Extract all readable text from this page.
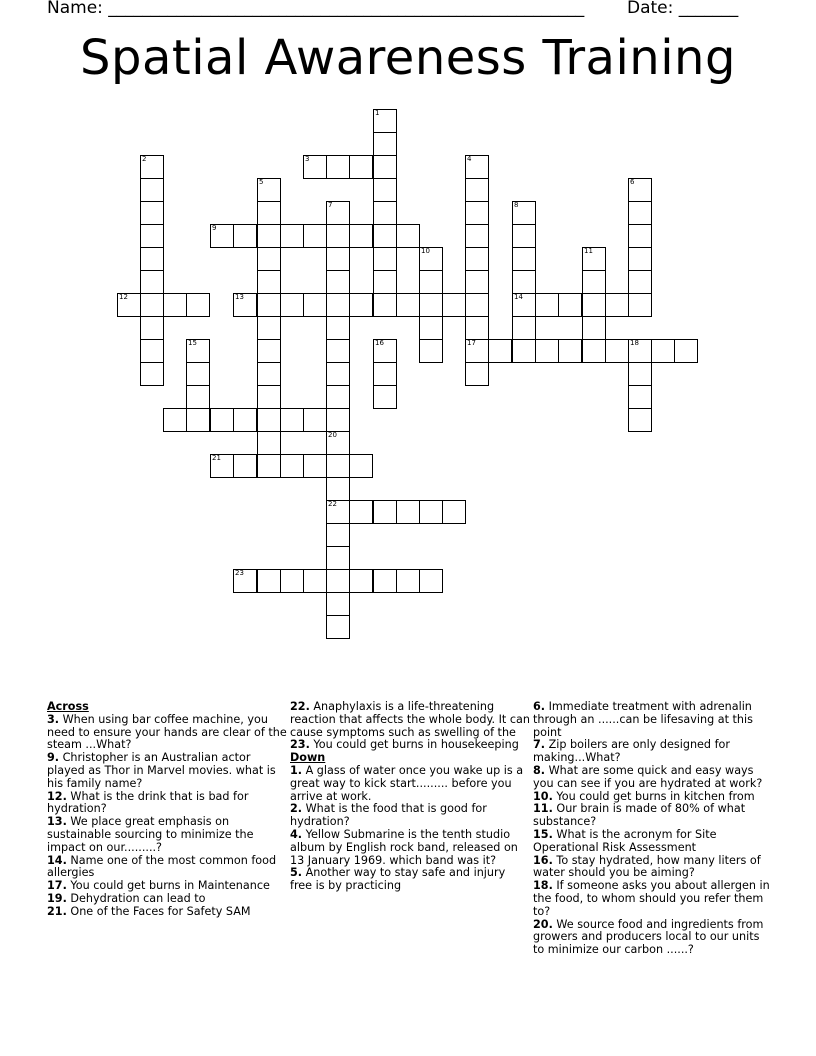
Name: ________________________________________________________	Date: _______
Spatial Awareness Training
1
2	3	4
17
5	6
7	8
14
9
10	11
12	13
15	16	18
20
22
21
23
Across
3. When using bar coffee machine, you need to ensure your hands are clear of the steam ...What?
9. Christopher is an Australian actor played as Thor in Marvel movies. what is his family name?
12. What is the drink that is bad for hydration?
13. We place great emphasis on sustainable sourcing to minimize the impact on our.........?
14. Name one of the most common food allergies
17. You could get burns in Maintenance
19. Dehydration can lead to
21. One of the Faces for Safety SAM
22. Anaphylaxis is a life-threatening reaction that affects the whole body. It can cause symptoms such as swelling of the
23. You could get burns in housekeeping
Down
1. A glass of water once you wake up is a great way to kick start......... before you arrive at work.
2. What is the food that is good for hydration?
4. Yellow Submarine is the tenth studio album by English rock band, released on 13 January 1969. which band was it?
5. Another way to stay safe and injury free is by practicing
6. Immediate treatment with adrenalin through an ......can be lifesaving at this point
7. Zip boilers are only designed for making...What?
8. What are some quick and easy ways you can see if you are hydrated at work?
10. You could get burns in kitchen from
11. Our brain is made of 80% of what substance?
15. What is the acronym for Site Operational Risk Assessment
16. To stay hydrated, how many liters of water should you be aiming?
18. If someone asks you about allergen in the food, to whom should you refer them to?
20. We source food and ingredients from growers and producers local to our units to minimize our carbon ......?
